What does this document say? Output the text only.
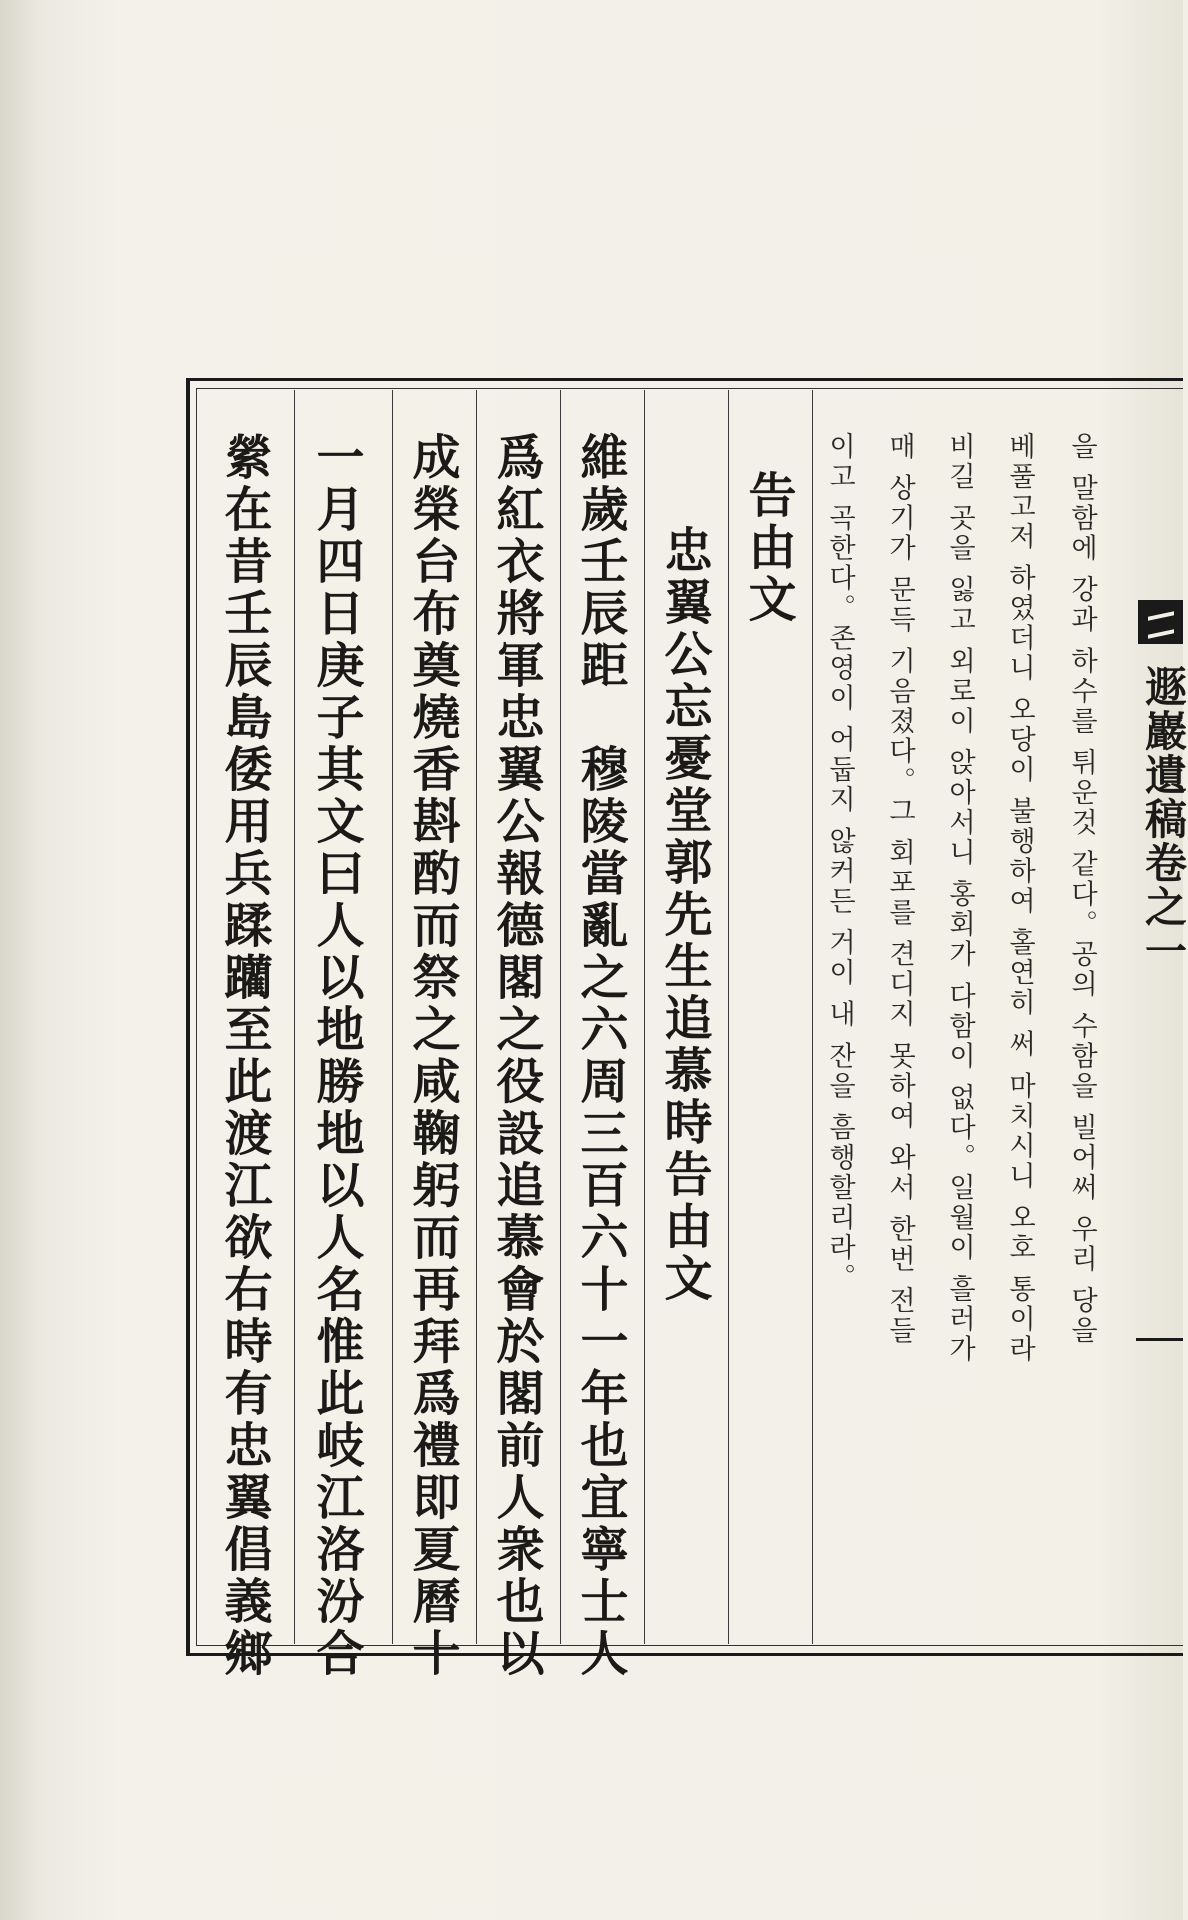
遯巖遺稿卷之一
을 말함에 강과 하수를 튀운것 같다。공의 수함을 빌어써 우리 당을
베풀고저 하였더니 오당이 불행하여 홀연히 써 마치시니 오호 통이라
비길 곳을 잃고 외로이 앉아서니 홍회가 다함이 없다。일월이 흘러가
매 상기가 문득 기음졌다。그 회포를 견디지 못하여 와서 한번 전들
이고 곡한다。존영이 어둡지 않커든 거이 내 잔을 흠행할리라。
告由文
忠翼公忘憂堂郭先生追慕時告由文
維歲壬辰距　穆陵當亂之六周三百六十一年也宜寧士人
爲紅衣將軍忠翼公報德閣之役設追慕會於閣前人衆也以
成榮台布奠燒香斟酌而祭之咸鞠躬而再拜爲禮即夏曆十
一月四日庚子其文曰人以地勝地以人名惟此岐江洛汾合
縈在昔壬辰島倭用兵蹂躪至此渡江欲右時有忠翼倡義鄉
